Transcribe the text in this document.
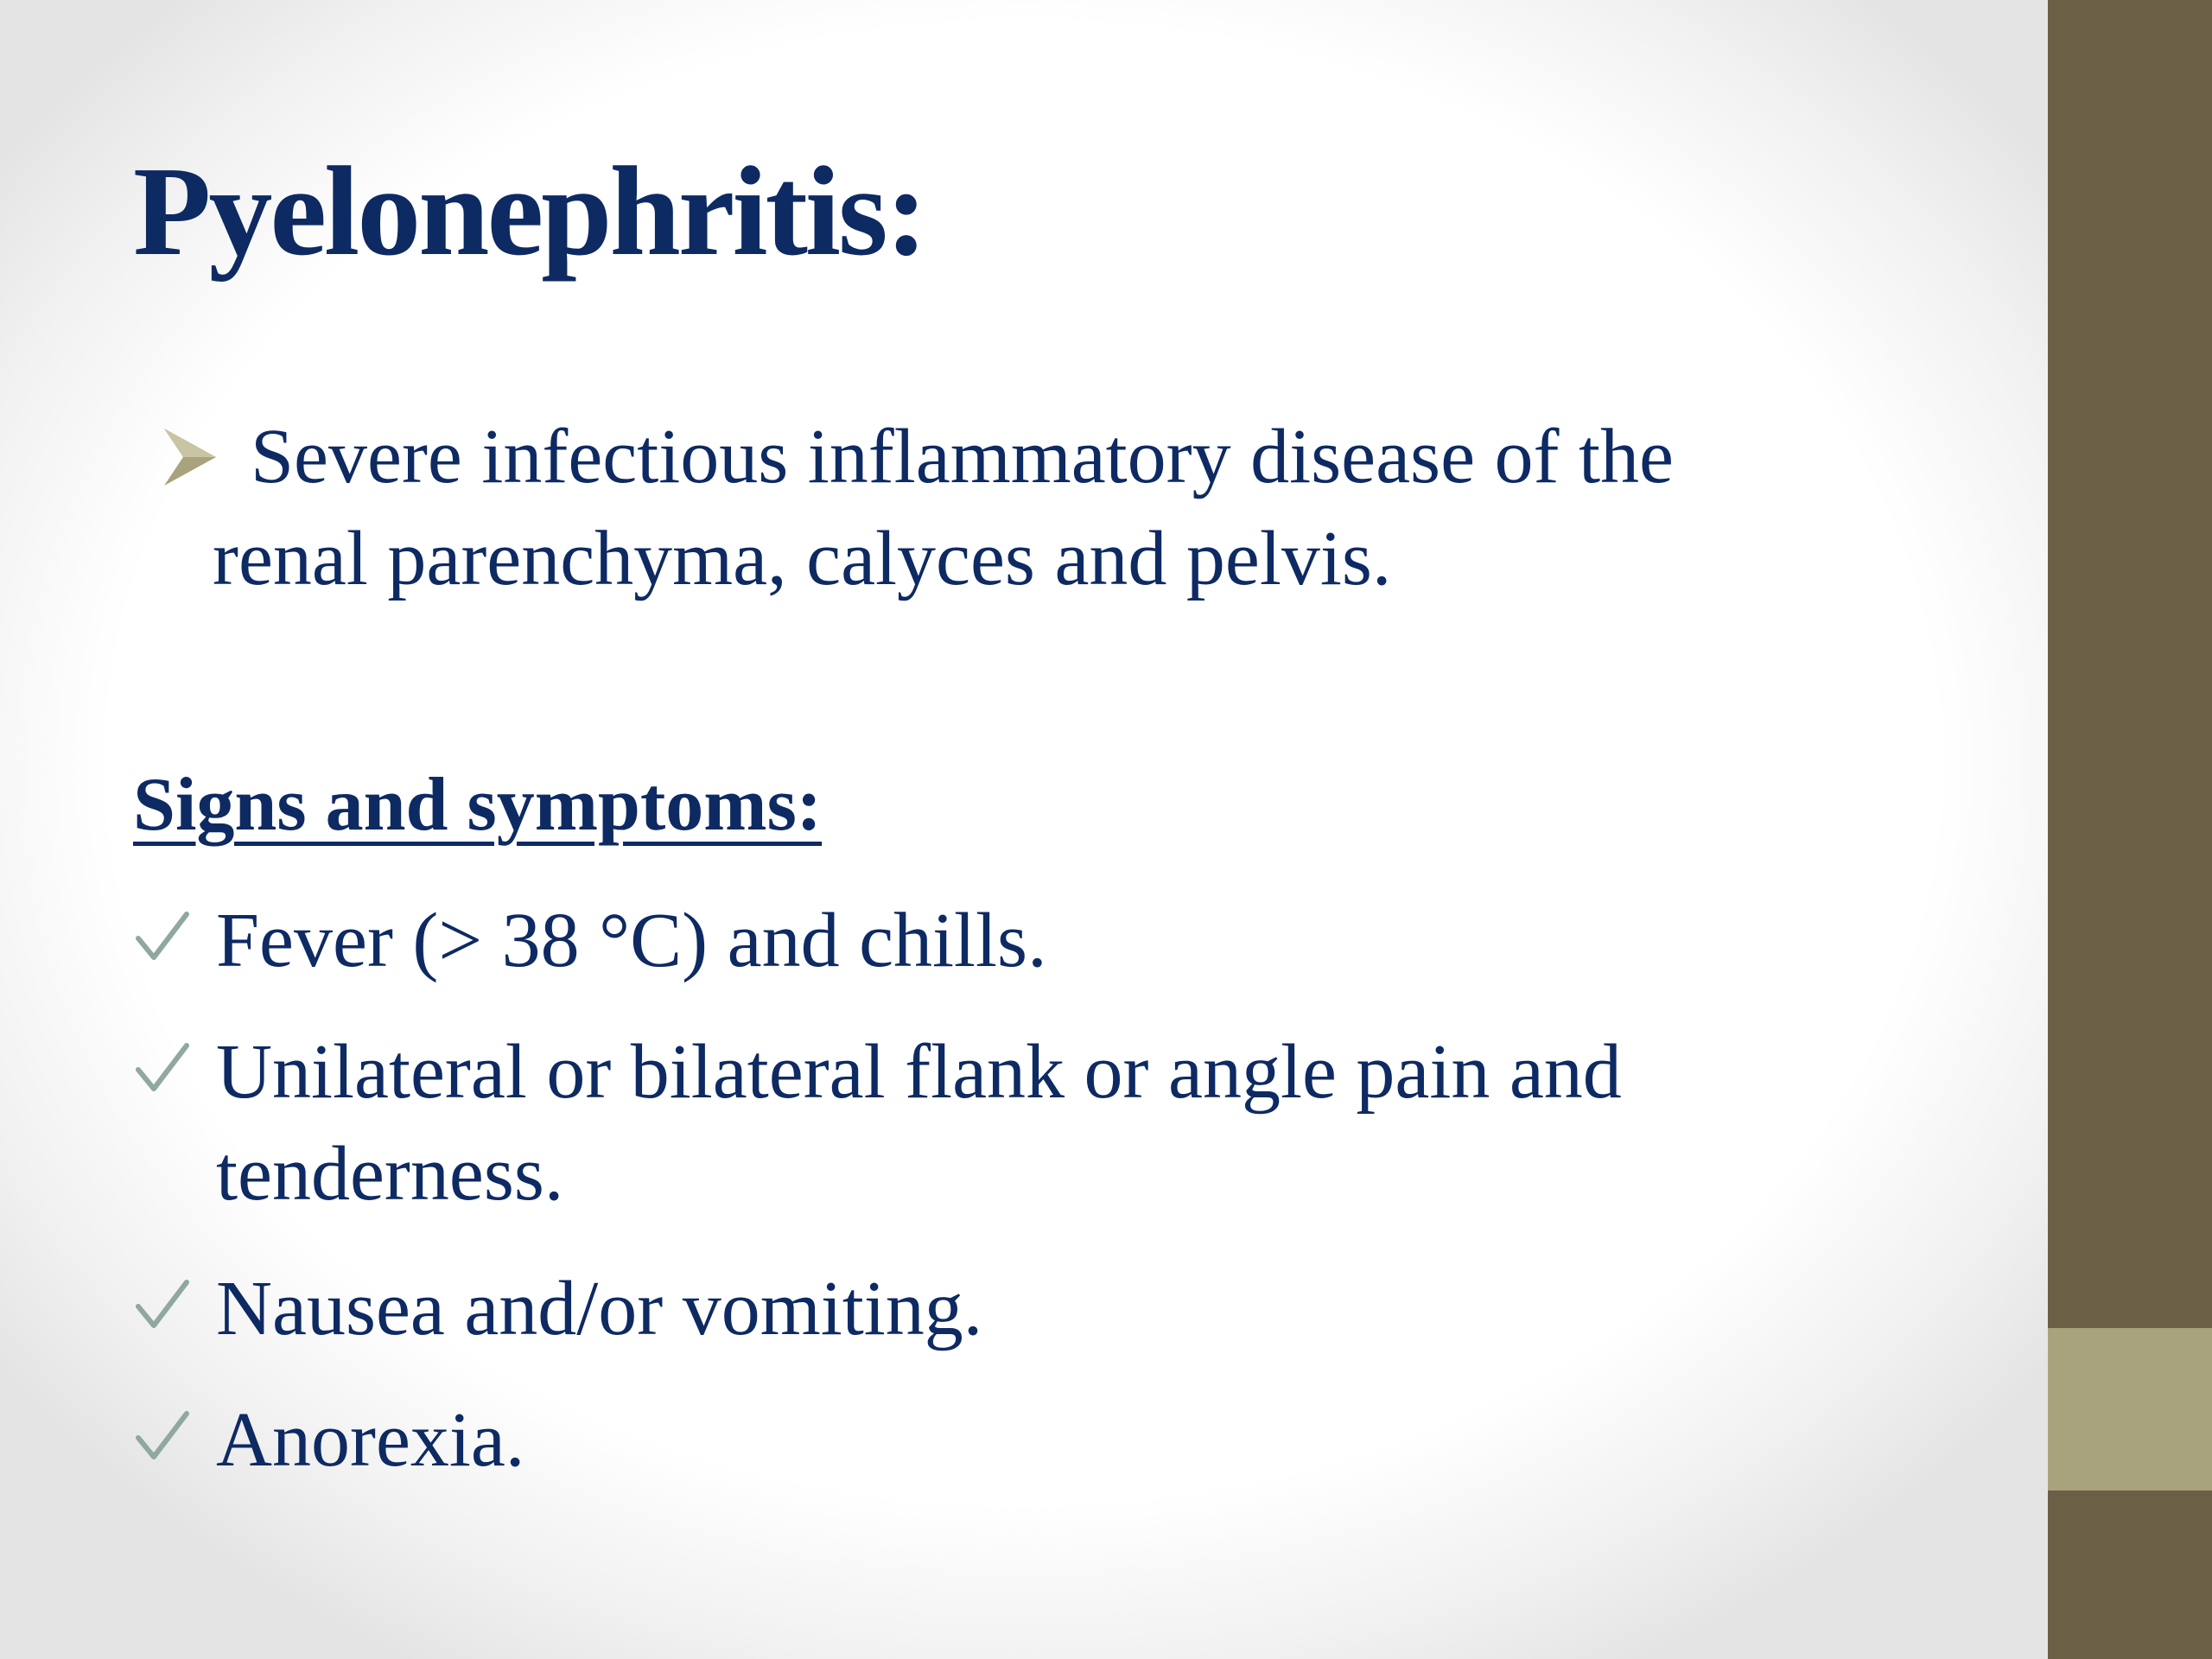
Pyelonephritis:
Severe infectious inflammatory disease of the
renal parenchyma, calyces and pelvis.
Signs and symptoms:
Fever (> 38 °C) and chills.
Unilateral or bilateral flank or angle pain and
tenderness.
Nausea and/or vomiting.
Anorexia.
